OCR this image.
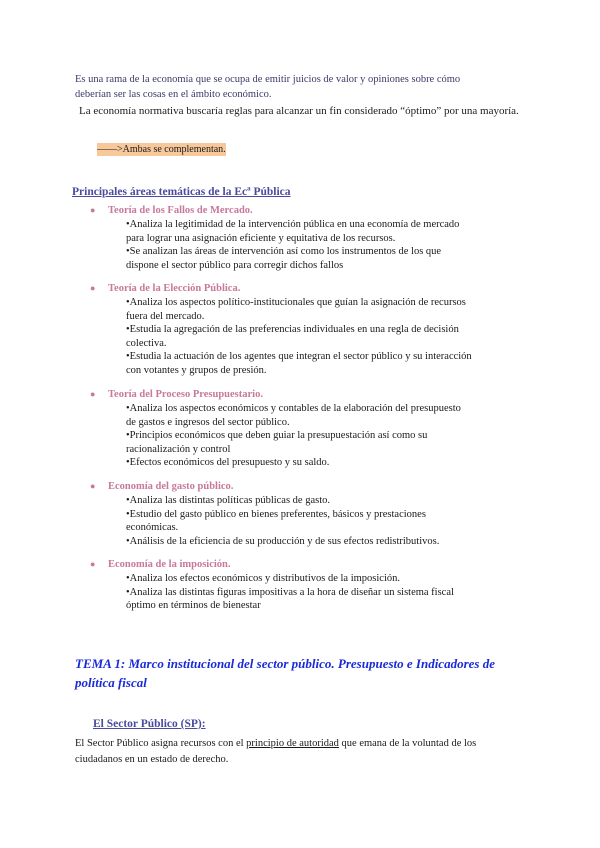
Es una rama de la economía que se ocupa de emitir juicios de valor y opiniones sobre cómo
deberían ser las cosas en el ámbito económico.
La economía normativa buscaría reglas para alcanzar un fin considerado “óptimo” por una mayoría.
——>Ambas se complementan.
Principales áreas temáticas de la Ecª Pública
●	Teoría de los Fallos de Mercado.
•Analiza la legitimidad de la intervención pública en una economía de mercado
para lograr una asignación eficiente y equitativa de los recursos.
•Se analizan las áreas de intervención así como los instrumentos de los que
dispone el sector público para corregir dichos fallos
●	Teoría de la Elección Pública.
•Analiza los aspectos político-institucionales que guían la asignación de recursos
fuera del mercado.
•Estudia la agregación de las preferencias individuales en una regla de decisión
colectiva.
•Estudia la actuación de los agentes que integran el sector público y su interacción
con votantes y grupos de presión.
●	Teoría del Proceso Presupuestario.
•Analiza los aspectos económicos y contables de la elaboración del presupuesto
de gastos e ingresos del sector público.
•Principios económicos que deben guiar la presupuestación así como su
racionalización y control
•Efectos económicos del presupuesto y su saldo.
●	Economía del gasto público.
•Analiza las distintas políticas públicas de gasto.
•Estudio del gasto público en bienes preferentes, básicos y prestaciones
económicas.
•Análisis de la eficiencia de su producción y de sus efectos redistributivos.
●	Economía de la imposición.
•Analiza los efectos económicos y distributivos de la imposición.
•Analiza las distintas figuras impositivas a la hora de diseñar un sistema fiscal
óptimo en términos de bienestar
TEMA 1: Marco institucional del sector público. Presupuesto e Indicadores de política fiscal
El Sector Público (SP):
El Sector Público asigna recursos con el principio de autoridad que emana de la voluntad de los ciudadanos en un estado de derecho.
